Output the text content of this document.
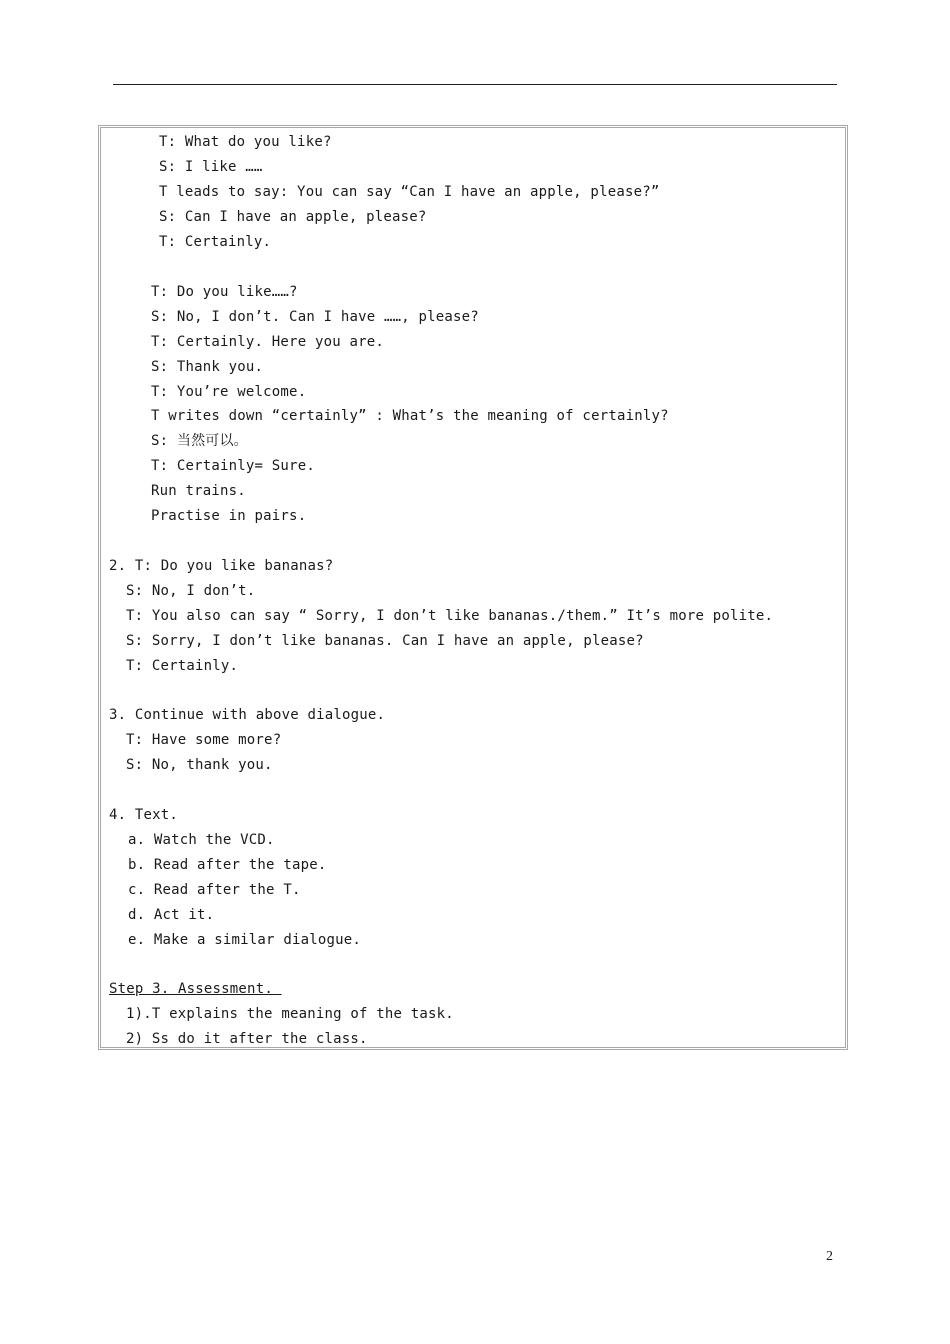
T: What do you like?
S: I like ……
T leads to say: You can say “Can I have an apple, please?”
S: Can I have an apple, please?
T: Certainly.
T: Do you like……?
S: No, I don’t. Can I have ……, please?
T: Certainly. Here you are.
S: Thank you.
T: You’re welcome.
T writes down “certainly” : What’s the meaning of certainly?
S: 当然可以。
T: Certainly= Sure.
Run trains.
Practise in pairs.
2. T: Do you like bananas?
S: No, I don’t.
T: You also can say “ Sorry, I don’t like bananas./them.” It’s more polite.
S: Sorry, I don’t like bananas. Can I have an apple, please?
T: Certainly.
3. Continue with above dialogue.
T: Have some more?
S: No, thank you.
4. Text.
a. Watch the VCD.
b. Read after the tape.
c. Read after the T.
d. Act it.
e. Make a similar dialogue.
Step 3. Assessment.
1).T explains the meaning of the task.
2) Ss do it after the class.
2
